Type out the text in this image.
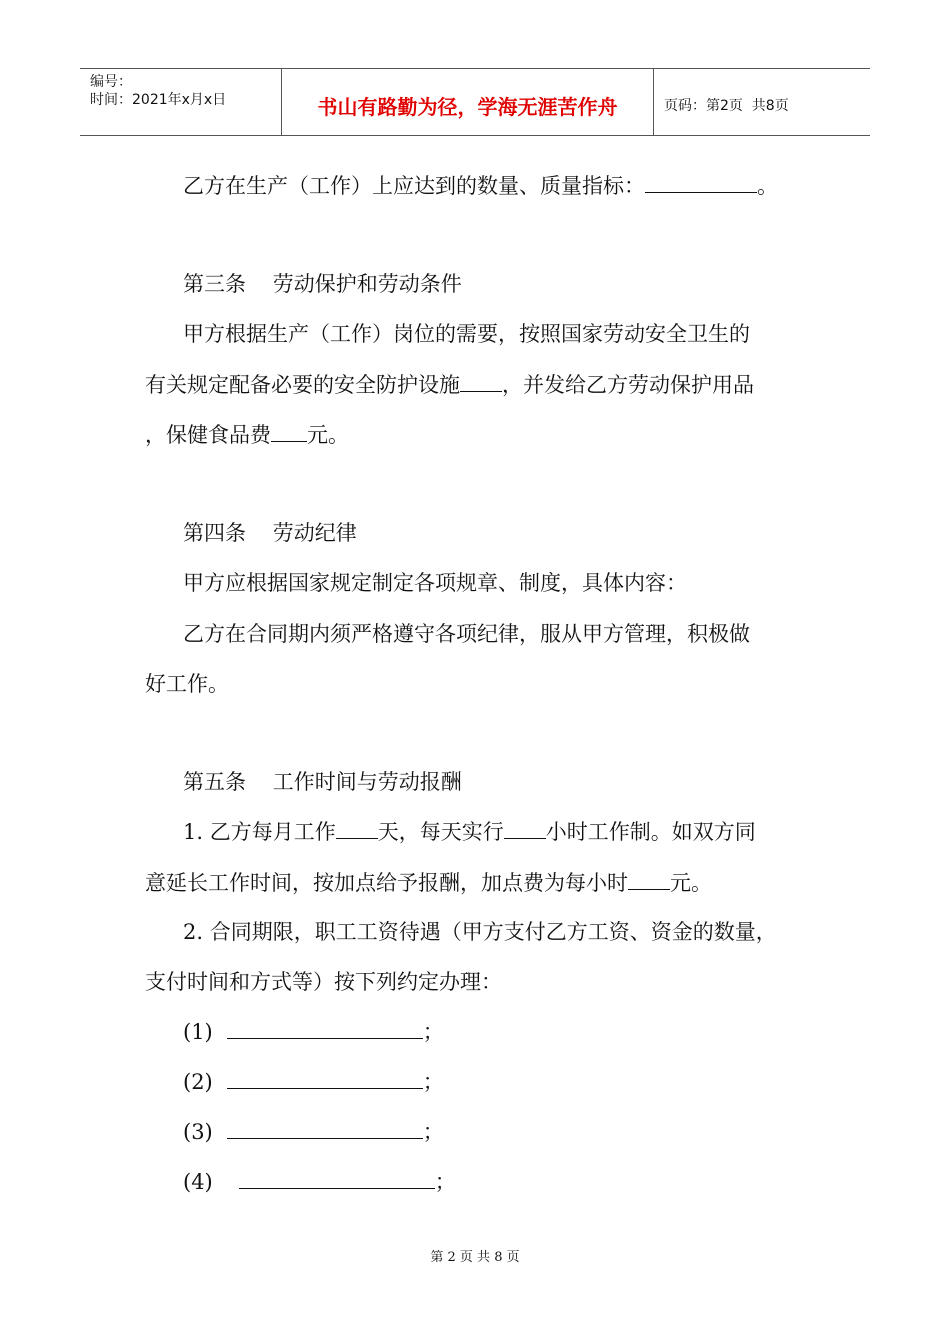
编号：
时间：2021年x月x日	书山有路勤为径，学海无涯苦作舟	页码：第2页  共8页
乙方在生产（工作）上应达到的数量、质量指标：	。
第三条    劳动保护和劳动条件
甲方根据生产（工作）岗位的需要，按照国家劳动安全卫生的
有关规定配备必要的安全防护设施 ，并发给乙方劳动保护用品
，保健食品费 元。
第四条    劳动纪律
甲方应根据国家规定制定各项规章、制度，具体内容：
乙方在合同期内须严格遵守各项纪律，服从甲方管理，积极做
好工作。
第五条    工作时间与劳动报酬
1. 乙方每月工作 天，每天实行 小时工作制。如双方同
意延长工作时间，按加点给予报酬，加点费为每小时 元。
2. 合同期限，职工工资待遇（甲方支付乙方工资、资金的数量，
支付时间和方式等）按下列约定办理：
(1)	；
(2)	；
(3)	；
(4)	；
第 2 页 共 8 页
